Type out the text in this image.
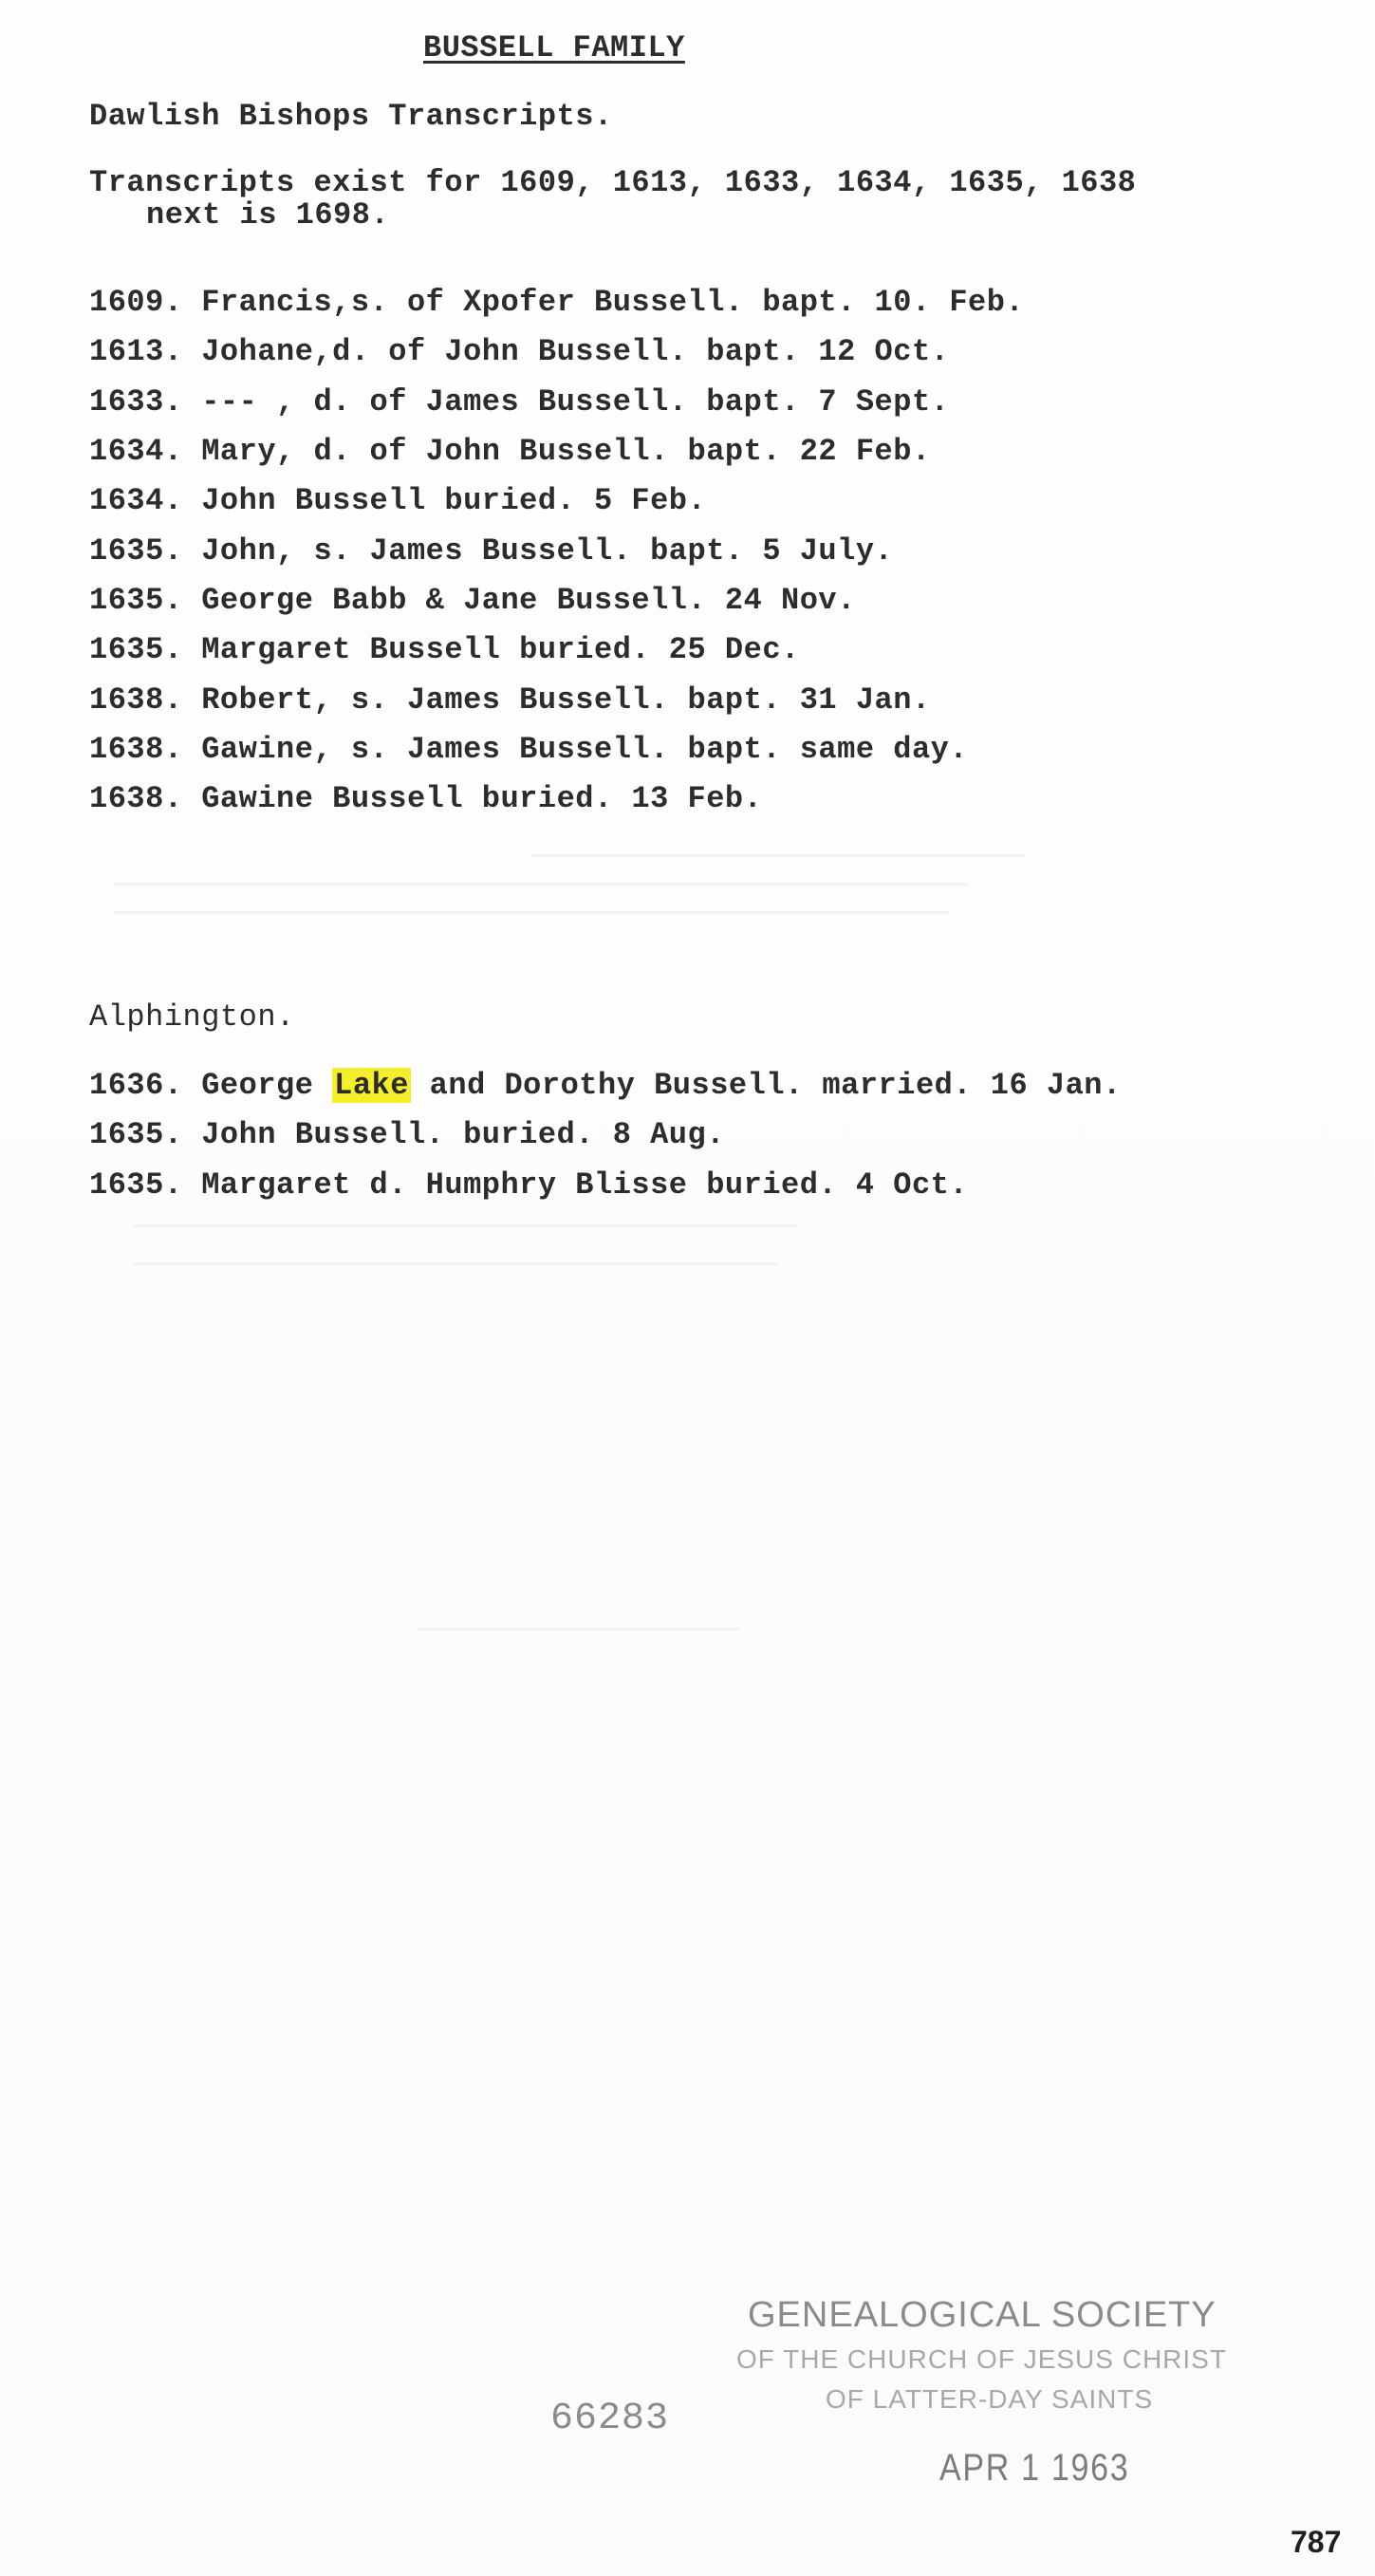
BUSSELL FAMILY
Dawlish Bishops Transcripts.
Transcripts exist for 1609, 1613, 1633, 1634, 1635, 1638
next is 1698.
1609. Francis,s. of Xpofer Bussell. bapt. 10. Feb.
1613. Johane,d. of John Bussell. bapt. 12 Oct.
1633. --- , d. of James Bussell. bapt. 7 Sept.
1634. Mary, d. of John Bussell. bapt. 22 Feb.
1634. John Bussell buried. 5 Feb.
1635. John, s. James Bussell. bapt. 5 July.
1635. George Babb & Jane Bussell. 24 Nov.
1635. Margaret Bussell buried. 25 Dec.
1638. Robert, s. James Bussell. bapt. 31 Jan.
1638. Gawine, s. James Bussell. bapt. same day.
1638. Gawine Bussell buried. 13 Feb.
Alphington.
1636. George Lake and Dorothy Bussell. married. 16 Jan.
1635. John Bussell. buried. 8 Aug.
1635. Margaret d. Humphry Blisse buried. 4 Oct.
GENEALOGICAL SOCIETY
OF THE CHURCH OF JESUS CHRIST
OF LATTER-DAY SAINTS
66283
APR 1 1963
787
